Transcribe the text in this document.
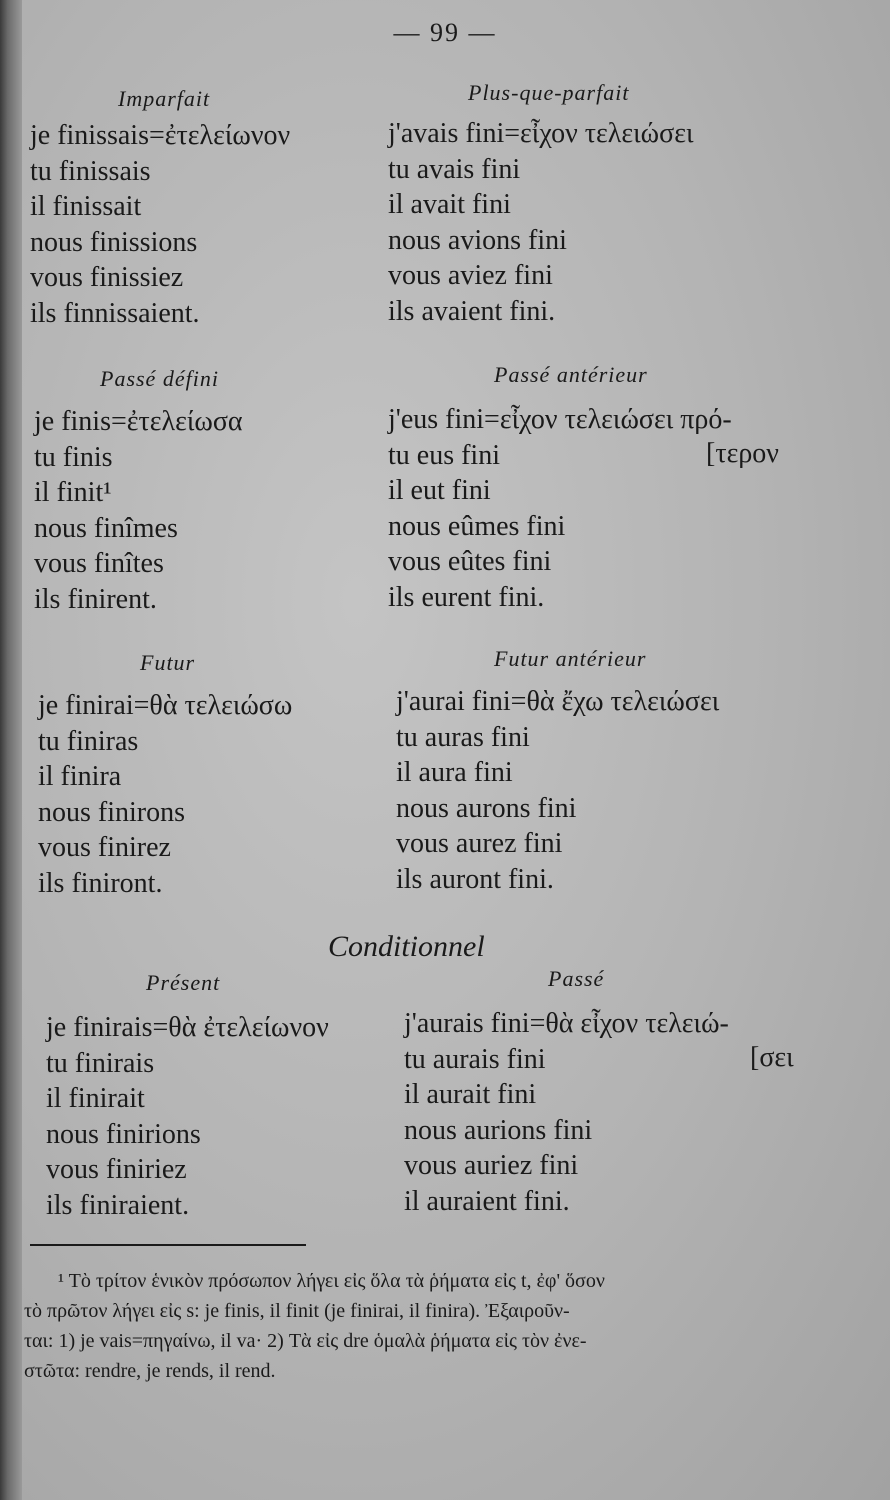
— 99 —
Imparfait
je finissais=ἐτελείωνον
tu finissais
il finissait
nous finissions
vous finissiez
ils finnissaient.
Plus-que-parfait
j'avais fini=εἶχον τελειώσει
tu avais fini
il avait fini
nous avions fini
vous aviez fini
ils avaient fini.
Passé défini
je finis=ἐτελείωσα
tu finis
il finit¹
nous finîmes
vous finîtes
ils finirent.
Passé antérieur
j'eus fini=εἶχον τελειώσει πρό-
tu eus fini
il eut fini
nous eûmes fini
vous eûtes fini
ils eurent fini.
[τερον
Futur
je finirai=θὰ τελειώσω
tu finiras
il finira
nous finirons
vous finirez
ils finiront.
Futur antérieur
j'aurai fini=θὰ ἔχω τελειώσει
tu auras fini
il aura fini
nous aurons fini
vous aurez fini
ils auront fini.
Conditionnel
Présent
je finirais=θὰ ἐτελείωνον
tu finirais
il finirait
nous finirions
vous finiriez
ils finiraient.
Passé
j'aurais fini=θὰ εἶχον τελειώ-
tu aurais fini
il aurait fini
nous aurions fini
vous auriez fini
il auraient fini.
[σει
¹ Τὸ τρίτον ἑνικὸν πρόσωπον λήγει εἰς ὅλα τὰ ῥήματα εἰς t, ἐφ' ὅσον
τὸ πρῶτον λήγει εἰς s: je finis, il finit (je finirai, il finira). Ἐξαιροῦν-
ται: 1) je vais=πηγαίνω, il va· 2) Τὰ εἰς dre ὁμαλὰ ῥήματα εἰς τὸν ἐνε-
στῶτα: rendre, je rends, il rend.
